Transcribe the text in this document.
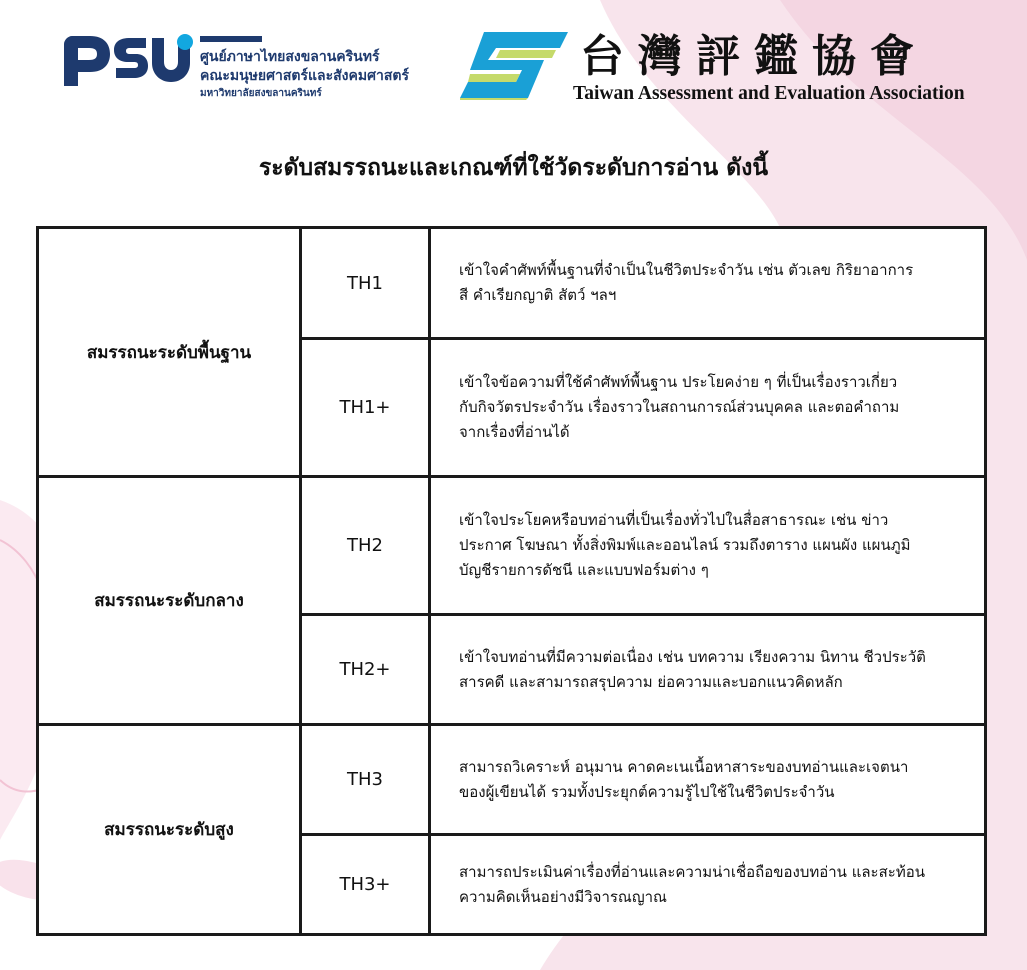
ศูนย์ภาษาไทยสงขลานครินทร์
คณะมนุษยศาสตร์และสังคมศาสตร์
มหาวิทยาลัยสงขลานครินทร์
台灣評鑑協會
Taiwan Assessment and Evaluation Association
ระดับสมรรถนะและเกณฑ์ที่ใช้วัดระดับการอ่าน ดังนี้
สมรรถนะระดับพื้นฐาน	TH1	เข้าใจคำศัพท์พื้นฐานที่จำเป็นในชีวิตประจำวัน เช่น ตัวเลข กิริยาอาการ
สี คำเรียกญาติ สัตว์ ฯลฯ

	TH1+	เข้าใจข้อความที่ใช้คำศัพท์พื้นฐาน ประโยคง่าย ๆ ที่เป็นเรื่องราวเกี่ยว
กับกิจวัตรประจำวัน เรื่องราวในสถานการณ์ส่วนบุคคล และตอคำถาม
จากเรื่องที่อ่านได้

สมรรถนะระดับกลาง	TH2	เข้าใจประโยคหรือบทอ่านที่เป็นเรื่องทั่วไปในสื่อสาธารณะ เช่น ข่าว
ประกาศ โฆษณา ทั้งสิ่งพิมพ์และออนไลน์ รวมถึงตาราง แผนผัง แผนภูมิ
บัญชีรายการดัชนี และแบบฟอร์มต่าง ๆ

	TH2+	เข้าใจบทอ่านที่มีความต่อเนื่อง เช่น บทความ เรียงความ นิทาน ชีวประวัติ
สารคดี และสามารถสรุปความ ย่อความและบอกแนวคิดหลัก

สมรรถนะระดับสูง	TH3	สามารถวิเคราะห์ อนุมาน คาดคะเนเนื้อหาสาระของบทอ่านและเจตนา
ของผู้เขียนได้ รวมทั้งประยุกต์ความรู้ไปใช้ในชีวิตประจำวัน

	TH3+	สามารถประเมินค่าเรื่องที่อ่านและความน่าเชื่อถือของบทอ่าน และสะท้อน
ความคิดเห็นอย่างมีวิจารณญาณ
